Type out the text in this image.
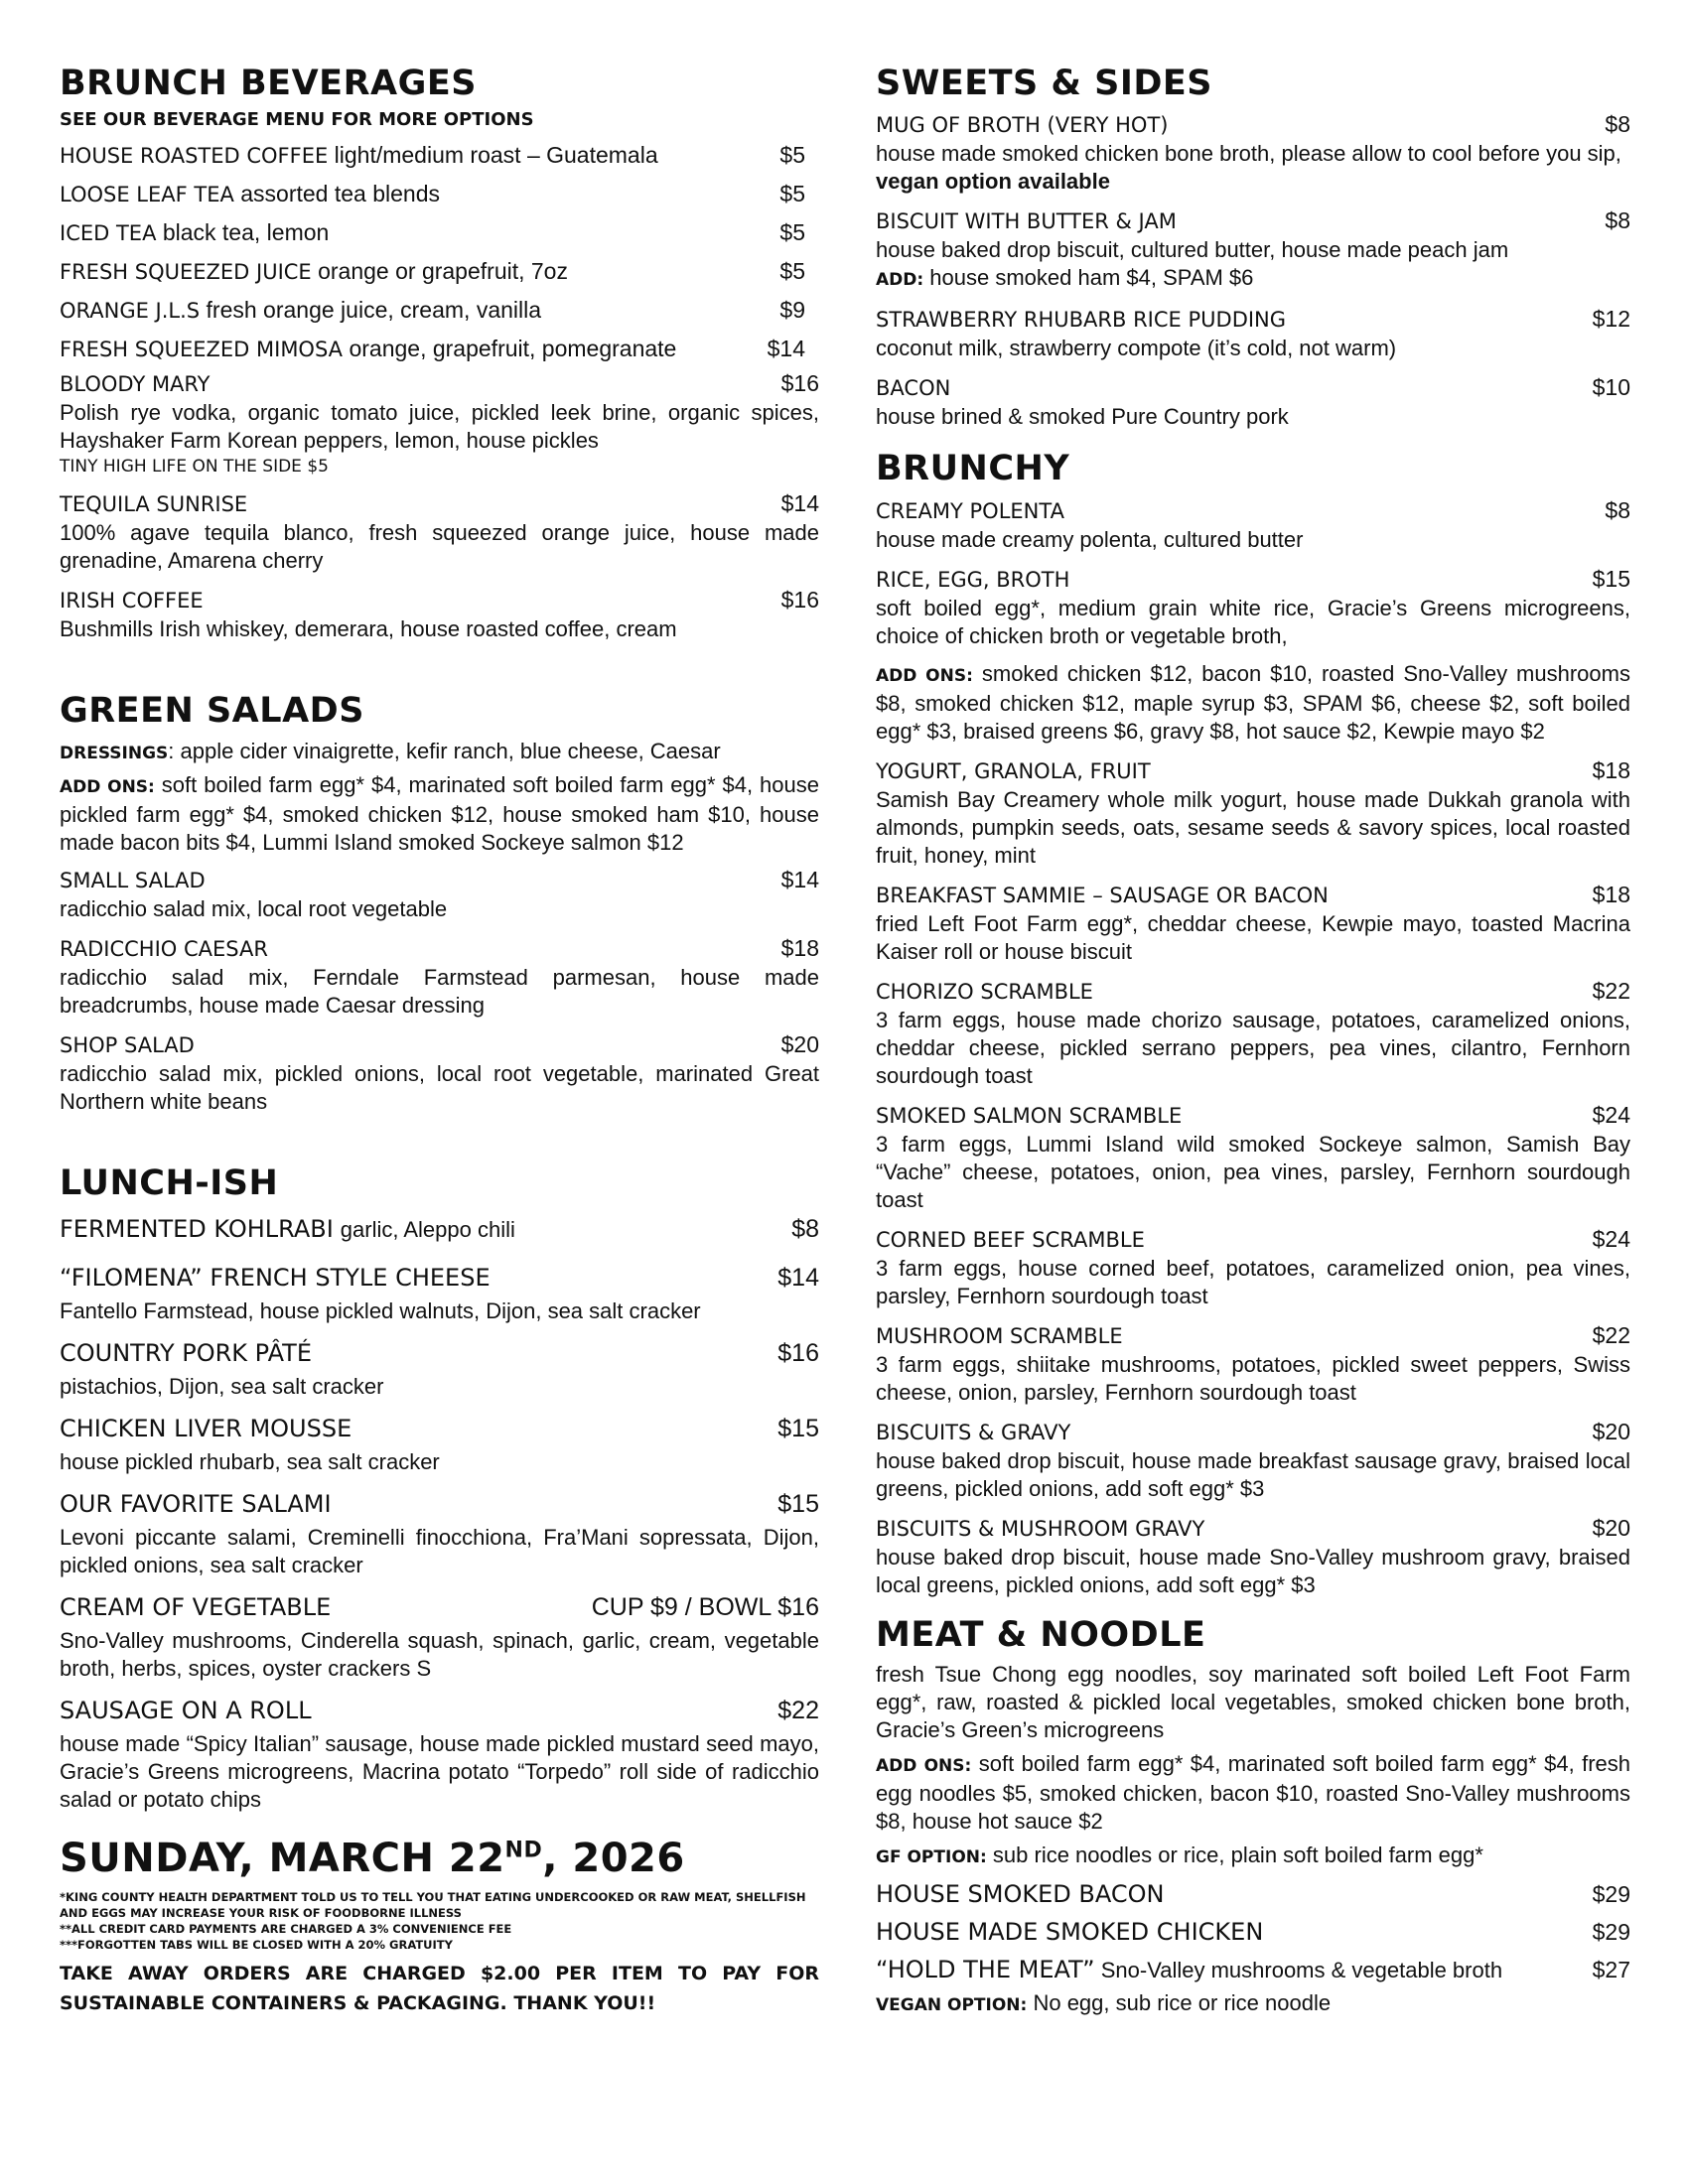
BRUNCH BEVERAGES

SEE OUR BEVERAGE MENU FOR MORE OPTIONS

HOUSE ROASTED COFFEE light/medium roast – Guatemala	$5
LOOSE LEAF TEA assorted tea blends	$5
ICED TEA black tea, lemon	$5
FRESH SQUEEZED JUICE orange or grapefruit, 7oz	$5
ORANGE J.L.S fresh orange juice, cream, vanilla	$9
FRESH SQUEEZED MIMOSA orange, grapefruit, pomegranate	$14
BLOODY MARY	$16
Polish rye vodka, organic tomato juice, pickled leek brine, organic spices, Hayshaker Farm Korean peppers, lemon, house pickles
TINY HIGH LIFE ON THE SIDE $5
TEQUILA SUNRISE	$14
100% agave tequila blanco, fresh squeezed orange juice, house made grenadine, Amarena cherry
IRISH COFFEE	$16
Bushmills Irish whiskey, demerara, house roasted coffee, cream
GREEN SALADS

DRESSINGS: apple cider vinaigrette, kefir ranch, blue cheese, Caesar

ADD ONS: soft boiled farm egg* $4, marinated soft boiled farm egg* $4, house pickled farm egg* $4, smoked chicken $12, house smoked ham $10, house made bacon bits $4, Lummi Island smoked Sockeye salmon $12

SMALL SALAD	$14
radicchio salad mix, local root vegetable
RADICCHIO CAESAR	$18
radicchio salad mix, Ferndale Farmstead parmesan, house made breadcrumbs, house made Caesar dressing
SHOP SALAD	$20
radicchio salad mix, pickled onions, local root vegetable, marinated Great Northern white beans
LUNCH-ISH
FERMENTED KOHLRABI garlic, Aleppo chili	$8
“FILOMENA” FRENCH STYLE CHEESE	$14
Fantello Farmstead, house pickled walnuts, Dijon, sea salt cracker
COUNTRY PORK PÂTÉ	$16
pistachios, Dijon, sea salt cracker
CHICKEN LIVER MOUSSE	$15
house pickled rhubarb, sea salt cracker
OUR FAVORITE SALAMI	$15
Levoni piccante salami, Creminelli finocchiona, Fra’Mani sopressata, Dijon, pickled onions, sea salt cracker
CREAM OF VEGETABLE	CUP $9 / BOWL $16
Sno-Valley mushrooms, Cinderella squash, spinach, garlic, cream, vegetable broth, herbs, spices, oyster crackers S
SAUSAGE ON A ROLL	$22
house made “Spicy Italian” sausage, house made pickled mustard seed mayo, Gracie’s Greens microgreens, Macrina potato “Torpedo” roll side of radicchio salad or potato chips
SUNDAY, MARCH 22ND, 2026

*KING COUNTY HEALTH DEPARTMENT TOLD US TO TELL YOU THAT EATING UNDERCOOKED OR RAW MEAT, SHELLFISH AND EGGS MAY INCREASE YOUR RISK OF FOODBORNE ILLNESS

**ALL CREDIT CARD PAYMENTS ARE CHARGED A 3% CONVENIENCE FEE

***FORGOTTEN TABS WILL BE CLOSED WITH A 20% GRATUITY

TAKE AWAY ORDERS ARE CHARGED $2.00 PER ITEM TO PAY FOR SUSTAINABLE CONTAINERS & PACKAGING. THANK YOU!!

SWEETS & SIDES
MUG OF BROTH (VERY HOT)	$8
house made smoked chicken bone broth, please allow to cool before you sip, vegan option available
BISCUIT WITH BUTTER & JAM	$8
house baked drop biscuit, cultured butter, house made peach jam
ADD: house smoked ham $4, SPAM $6
STRAWBERRY RHUBARB RICE PUDDING	$12
coconut milk, strawberry compote (it’s cold, not warm)
BACON	$10
house brined & smoked Pure Country pork
BRUNCHY
CREAMY POLENTA	$8
house made creamy polenta, cultured butter
RICE, EGG, BROTH	$15
soft boiled egg*, medium grain white rice, Gracie’s Greens microgreens, choice of chicken broth or vegetable broth,

ADD ONS: smoked chicken $12, bacon $10, roasted Sno-Valley mushrooms $8, smoked chicken $12, maple syrup $3, SPAM $6, cheese $2, soft boiled egg* $3, braised greens $6, gravy $8, hot sauce $2, Kewpie mayo $2

YOGURT, GRANOLA, FRUIT	$18
Samish Bay Creamery whole milk yogurt, house made Dukkah granola with almonds, pumpkin seeds, oats, sesame seeds & savory spices, local roasted fruit, honey, mint
BREAKFAST SAMMIE – SAUSAGE OR BACON	$18
fried Left Foot Farm egg*, cheddar cheese, Kewpie mayo, toasted Macrina Kaiser roll or house biscuit
CHORIZO SCRAMBLE	$22
3 farm eggs, house made chorizo sausage, potatoes, caramelized onions, cheddar cheese, pickled serrano peppers, pea vines, cilantro, Fernhorn sourdough toast
SMOKED SALMON SCRAMBLE	$24
3 farm eggs, Lummi Island wild smoked Sockeye salmon, Samish Bay “Vache” cheese, potatoes, onion, pea vines, parsley, Fernhorn sourdough toast
CORNED BEEF SCRAMBLE	$24
3 farm eggs, house corned beef, potatoes, caramelized onion, pea vines, parsley, Fernhorn sourdough toast
MUSHROOM SCRAMBLE	$22
3 farm eggs, shiitake mushrooms, potatoes, pickled sweet peppers, Swiss cheese, onion, parsley, Fernhorn sourdough toast
BISCUITS & GRAVY	$20
house baked drop biscuit, house made breakfast sausage gravy, braised local greens, pickled onions, add soft egg* $3
BISCUITS & MUSHROOM GRAVY	$20
house baked drop biscuit, house made Sno-Valley mushroom gravy, braised local greens, pickled onions, add soft egg* $3
MEAT & NOODLE
fresh Tsue Chong egg noodles, soy marinated soft boiled Left Foot Farm egg*, raw, roasted & pickled local vegetables, smoked chicken bone broth, Gracie’s Green’s microgreens

ADD ONS: soft boiled farm egg* $4, marinated soft boiled farm egg* $4, fresh egg noodles $5, smoked chicken, bacon $10, roasted Sno-Valley mushrooms $8, house hot sauce $2

GF OPTION: sub rice noodles or rice, plain soft boiled farm egg*

HOUSE SMOKED BACON	$29
HOUSE MADE SMOKED CHICKEN	$29
“HOLD THE MEAT” Sno-Valley mushrooms & vegetable broth	$27

VEGAN OPTION: No egg, sub rice or rice noodle
